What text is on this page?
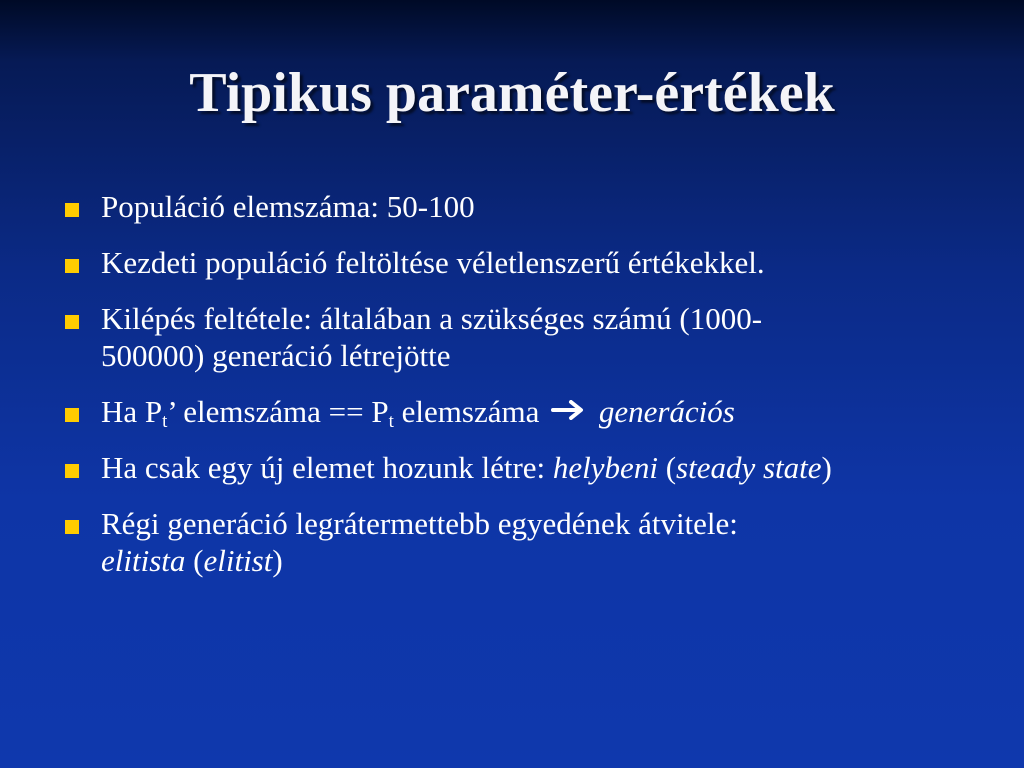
Tipikus paraméter-értékek
Populáció elemszáma: 50-100
Kezdeti populáció feltöltése véletlenszerű értékekkel.
Kilépés feltétele: általában a szükséges számú (1000-
500000) generáció létrejötte
Ha $P_t$’ elemszáma == $P_t$ elemszáma generációs
Ha csak egy új elemet hozunk létre: helybeni (steady state)
Régi generáció legrátermettebb egyedének átvitele:
elitista (elitist)
